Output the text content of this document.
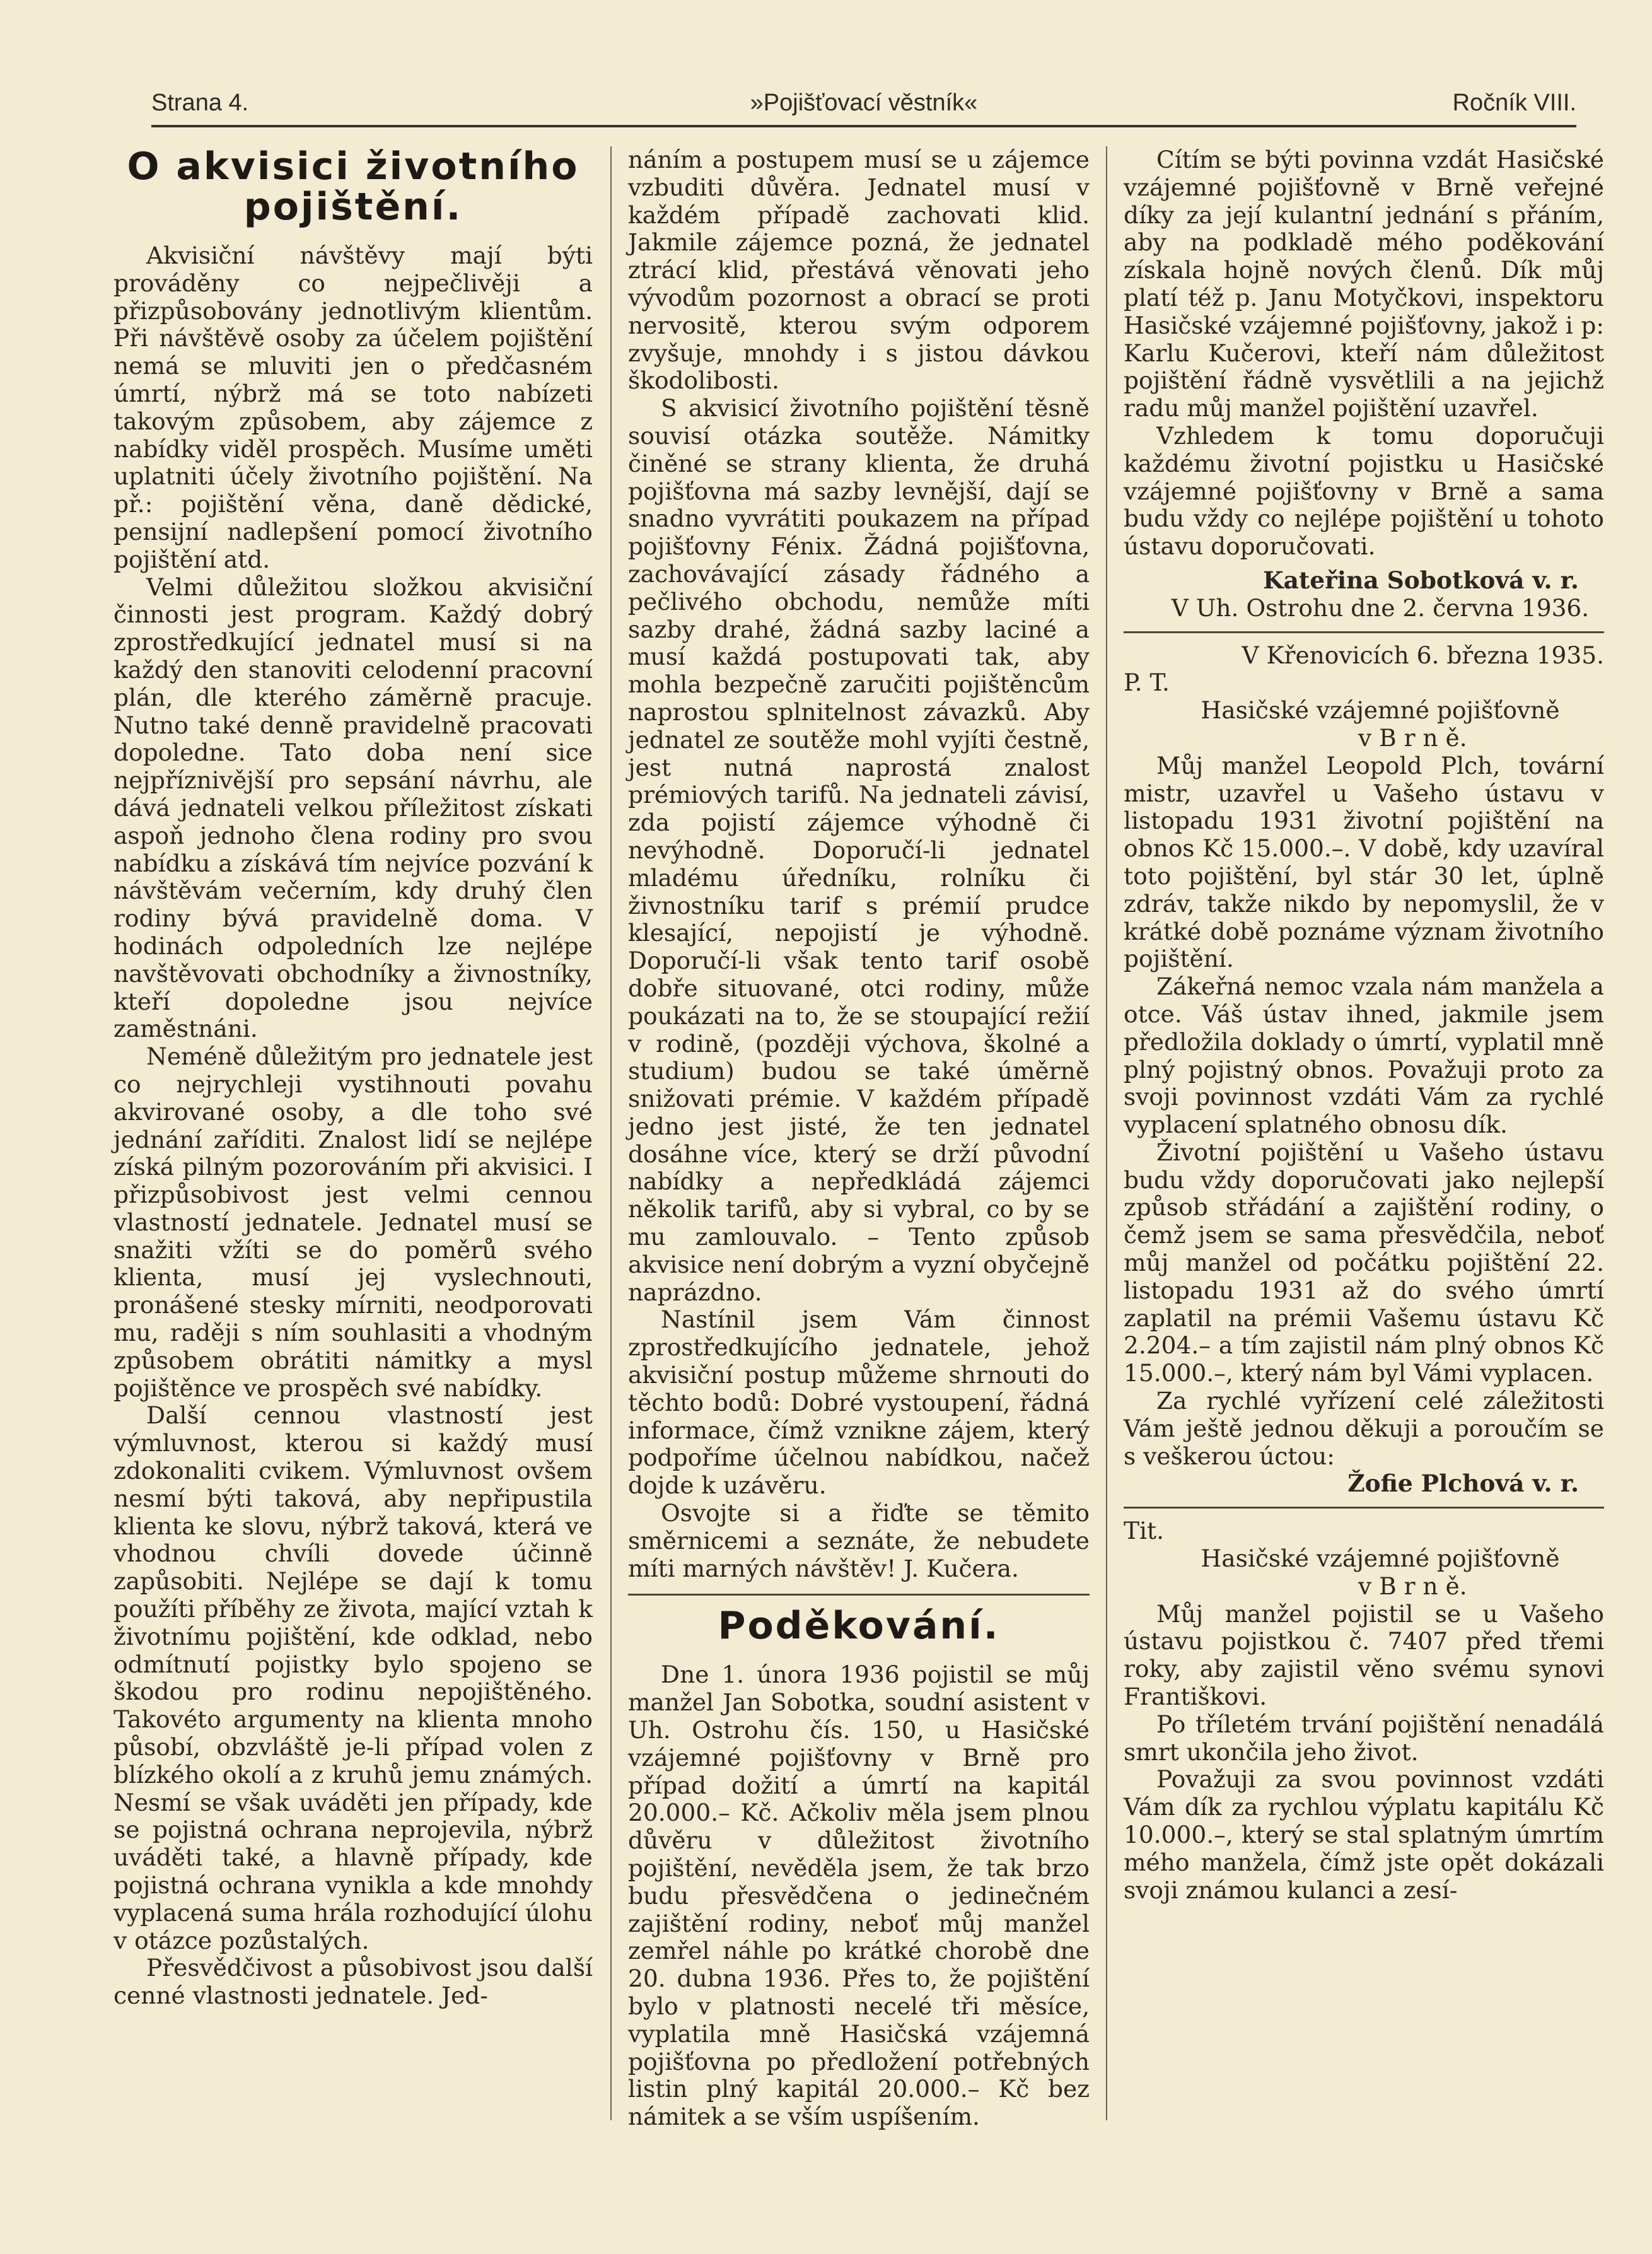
Strana 4.	»Pojišťovací věstník«	Ročník VIII.
O akvisici životního pojištění.

Akvisiční návštěvy mají býti prováděny co nejpečlivěji a přizpůsobovány jednotlivým klientům. Při návštěvě osoby za účelem pojištění nemá se mluviti jen o předčasném úmrtí, nýbrž má se toto nabízeti takovým způsobem, aby zájemce z nabídky viděl prospěch. Musíme uměti uplatniti účely životního pojištění. Na př.: pojištění věna, daně dědické, pensijní nadlepšení pomocí životního pojištění atd.

Velmi důležitou složkou akvisiční činnosti jest program. Každý dobrý zprostředkující jednatel musí si na každý den stanoviti celodenní pracovní plán, dle kterého záměrně pracuje. Nutno také denně pravidelně pracovati dopoledne. Tato doba není sice nejpříznivější pro sepsání návrhu, ale dává jednateli velkou příležitost získati aspoň jednoho člena rodiny pro svou nabídku a získává tím nejvíce pozvání k návštěvám večerním, kdy druhý člen rodiny bývá pravidelně doma. V hodinách odpoledních lze nejlépe navštěvovati obchodníky a živnostníky, kteří dopoledne jsou nejvíce zaměstnáni.

Neméně důležitým pro jednatele jest co nejrychleji vystihnouti povahu akvirované osoby, a dle toho své jednání zaříditi. Znalost lidí se nejlépe získá pilným pozorováním při akvisici. I přizpůsobivost jest velmi cennou vlastností jednatele. Jednatel musí se snažiti vžíti se do poměrů svého klienta, musí jej vyslechnouti, pronášené stesky mírniti, neodporovati mu, raději s ním souhlasiti a vhodným způsobem obrátiti námitky a mysl pojištěnce ve prospěch své nabídky.

Další cennou vlastností jest výmluvnost, kterou si každý musí zdokonaliti cvikem. Výmluvnost ovšem nesmí býti taková, aby nepřipustila klienta ke slovu, nýbrž taková, která ve vhodnou chvíli dovede účinně zapůsobiti. Nejlépe se dají k tomu použíti příběhy ze života, mající vztah k životnímu pojištění, kde odklad, nebo odmítnutí pojistky bylo spojeno se škodou pro rodinu nepojištěného. Takovéto argumenty na klienta mnoho působí, obzvláště je-li případ volen z blízkého okolí a z kruhů jemu známých. Nesmí se však uváděti jen případy, kde se pojistná ochrana neprojevila, nýbrž uváděti také, a hlavně případy, kde pojistná ochrana vynikla a kde mnohdy vyplacená suma hrála rozhodující úlohu v otázce pozůstalých.

Přesvědčivost a působivost jsou další cenné vlastnosti jednatele. Jed-

náním a postupem musí se u zájemce vzbuditi důvěra. Jednatel musí v každém případě zachovati klid. Jakmile zájemce pozná, že jednatel ztrácí klid, přestává věnovati jeho vývodům pozornost a obrací se proti nervositě, kterou svým odporem zvyšuje, mnohdy i s jistou dávkou škodolibosti.

S akvisicí životního pojištění těsně souvisí otázka soutěže. Námitky činěné se strany klienta, že druhá pojišťovna má sazby levnější, dají se snadno vyvrátiti poukazem na případ pojišťovny Fénix. Žádná pojišťovna, zachovávající zásady řádného a pečlivého obchodu, nemůže míti sazby drahé, žádná sazby laciné a musí každá postupovati tak, aby mohla bezpečně zaručiti pojištěncům naprostou splnitelnost závazků. Aby jednatel ze soutěže mohl vyjíti čestně, jest nutná naprostá znalost prémiových tarifů. Na jednateli závisí, zda pojistí zájemce výhodně či nevýhodně. Doporučí-li jednatel mladému úředníku, rolníku či živnostníku tarif s prémií prudce klesající, nepojistí je výhodně. Doporučí-li však tento tarif osobě dobře situované, otci rodiny, může poukázati na to, že se stoupající režií v rodině, (později výchova, školné a studium) budou se také úměrně snižovati prémie. V každém případě jedno jest jisté, že ten jednatel dosáhne více, který se drží původní nabídky a nepředkládá zájemci několik tarifů, aby si vybral, co by se mu zamlouvalo. – Tento způsob akvisice není dobrým a vyzní obyčejně naprázdno.

Nastínil jsem Vám činnost zprostředkujícího jednatele, jehož akvisiční postup můžeme shrnouti do těchto bodů: Dobré vystoupení, řádná informace, čímž vznikne zájem, který podpoříme účelnou nabídkou, načež dojde k uzávěru.

Osvojte si a řiďte se těmito směrnicemi a seznáte, že nebudete míti marných návštěv! J. Kučera.

Poděkování.

Dne 1. února 1936 pojistil se můj manžel Jan Sobotka, soudní asistent v Uh. Ostrohu čís. 150, u Hasičské vzájemné pojišťovny v Brně pro případ dožití a úmrtí na kapitál 20.000.– Kč. Ačkoliv měla jsem plnou důvěru v důležitost životního pojištění, nevěděla jsem, že tak brzo budu přesvědčena o jedinečném zajištění rodiny, neboť můj manžel zemřel náhle po krátké chorobě dne 20. dubna 1936. Přes to, že pojištění bylo v platnosti necelé tři měsíce, vyplatila mně Hasičská vzájemná pojišťovna po předložení potřebných listin plný kapitál 20.000.– Kč bez námitek a se vším uspíšením.

Cítím se býti povinna vzdát Hasičské vzájemné pojišťovně v Brně veřejné díky za její kulantní jednání s přáním, aby na podkladě mého poděkování získala hojně nových členů. Dík můj platí též p. Janu Motyčkovi, inspektoru Hasičské vzájemné pojišťovny, jakož i p: Karlu Kučerovi, kteří nám důležitost pojištění řádně vysvětlili a na jejichž radu můj manžel pojištění uzavřel.

Vzhledem k tomu doporučuji každému životní pojistku u Hasičské vzájemné pojišťovny v Brně a sama budu vždy co nejlépe pojištění u tohoto ústavu doporučovati.

Kateřina Sobotková v. r.

V Uh. Ostrohu dne 2. června 1936.

V Křenovicích 6. března 1935.

P. T.

Hasičské vzájemné pojišťovně

v B r n ě.

Můj manžel Leopold Plch, tovární mistr, uzavřel u Vašeho ústavu v listopadu 1931 životní pojištění na obnos Kč 15.000.–. V době, kdy uzavíral toto pojištění, byl stár 30 let, úplně zdráv, takže nikdo by nepomyslil, že v krátké době poznáme význam životního pojištění.

Zákeřná nemoc vzala nám manžela a otce. Váš ústav ihned, jakmile jsem předložila doklady o úmrtí, vyplatil mně plný pojistný obnos. Považuji proto za svoji povinnost vzdáti Vám za rychlé vyplacení splatného obnosu dík.

Životní pojištění u Vašeho ústavu budu vždy doporučovati jako nejlepší způsob střádání a zajištění rodiny, o čemž jsem se sama přesvědčila, neboť můj manžel od počátku pojištění 22. listopadu 1931 až do svého úmrtí zaplatil na prémii Vašemu ústavu Kč 2.204.– a tím zajistil nám plný obnos Kč 15.000.–, který nám byl Vámi vyplacen.

Za rychlé vyřízení celé záležitosti Vám ještě jednou děkuji a poroučím se s veškerou úctou:

Žofie Plchová v. r.

Tit.

Hasičské vzájemné pojišťovně

v B r n ě.

Můj manžel pojistil se u Vašeho ústavu pojistkou č. 7407 před třemi roky, aby zajistil věno svému synovi Františkovi.

Po tříletém trvání pojištění nenadálá smrt ukončila jeho život.

Považuji za svou povinnost vzdáti Vám dík za rychlou výplatu kapitálu Kč 10.000.–, který se stal splatným úmrtím mého manžela, čímž jste opět dokázali svoji známou kulanci a zesí-
